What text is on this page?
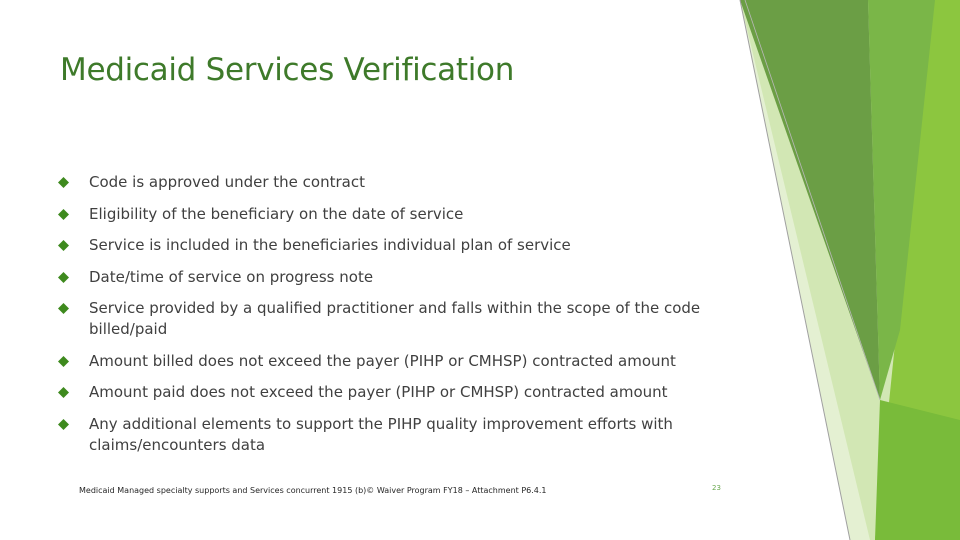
Medicaid Services Verification
Code is approved under the contract
Eligibility of the beneficiary on the date of service
Service is included in the beneficiaries individual plan of service
Date/time of service on progress note
Service provided by a qualified practitioner and falls within the scope of the code billed/paid
Amount billed does not exceed the payer (PIHP or CMHSP) contracted amount
Amount paid does not exceed the payer (PIHP or CMHSP) contracted amount
Any additional elements to support the PIHP quality improvement efforts with claims/encounters data
Medicaid Managed specialty supports and Services concurrent 1915 (b)© Waiver Program FY18 – Attachment P6.4.1	23
